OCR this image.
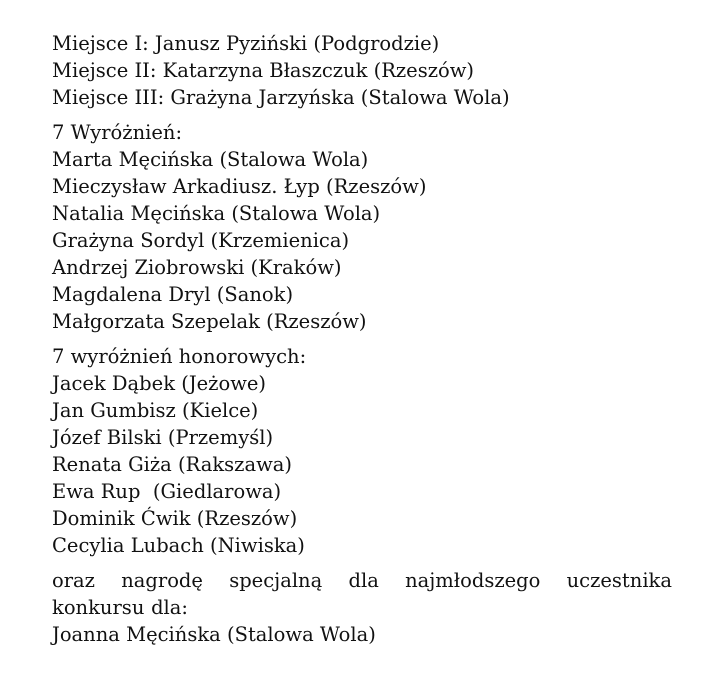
Miejsce I: Janusz Pyziński (Podgrodzie)
Miejsce II: Katarzyna Błaszczuk (Rzeszów)
Miejsce III: Grażyna Jarzyńska (Stalowa Wola)
7 Wyróżnień:
Marta Męcińska (Stalowa Wola)
Mieczysław Arkadiusz. Łyp (Rzeszów)
Natalia Męcińska (Stalowa Wola)
Grażyna Sordyl (Krzemienica)
Andrzej Ziobrowski (Kraków)
Magdalena Dryl (Sanok)
Małgorzata Szepelak (Rzeszów)
7 wyróżnień honorowych:
Jacek Dąbek (Jeżowe)
Jan Gumbisz (Kielce)
Józef Bilski (Przemyśl)
Renata Giża (Rakszawa)
Ewa Rup  (Giedlarowa)
Dominik Ćwik (Rzeszów)
Cecylia Lubach (Niwiska)
oraz nagrodę specjalną dla najmłodszego uczestnika konkursu dla:
Joanna Męcińska (Stalowa Wola)
